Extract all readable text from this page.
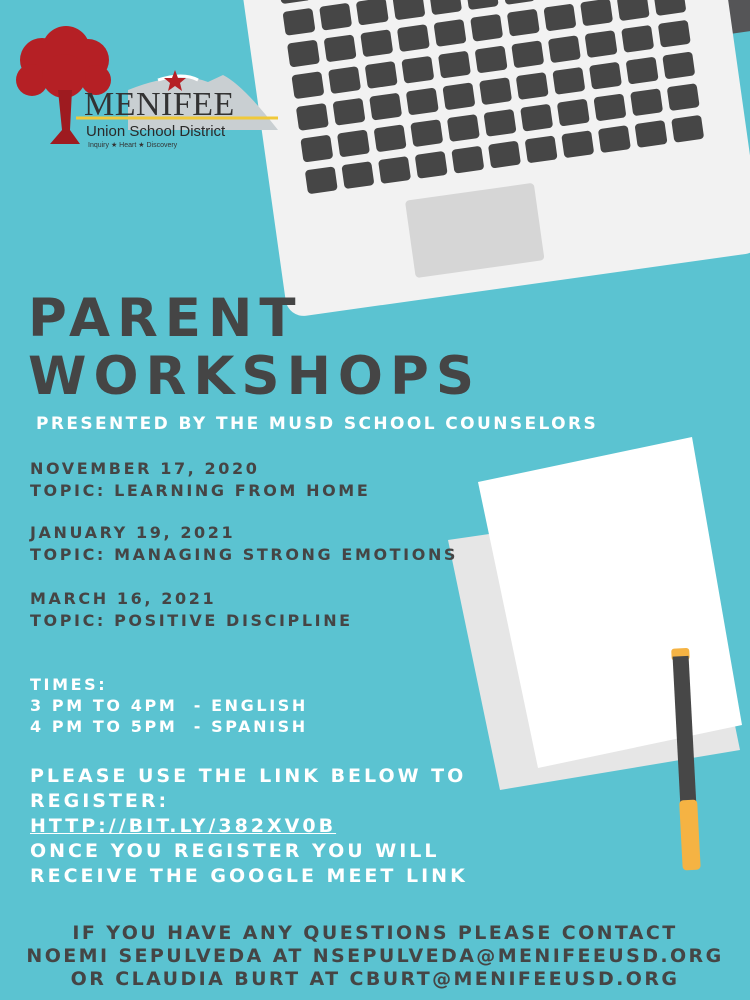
MENIFEE
Union School District
Inquiry ★ Heart ★ Discovery
PARENT
WORKSHOPS
PRESENTED BY THE MUSD SCHOOL COUNSELORS
NOVEMBER 17, 2020
TOPIC: LEARNING FROM HOME
JANUARY 19, 2021
TOPIC: MANAGING STRONG EMOTIONS
MARCH 16, 2021
TOPIC: POSITIVE DISCIPLINE
TIMES:
3 PM TO 4PM  - ENGLISH
4 PM TO 5PM  - SPANISH
PLEASE USE THE LINK BELOW TO
REGISTER:
HTTP://BIT.LY/382XV0B
ONCE YOU REGISTER YOU WILL
RECEIVE THE GOOGLE MEET LINK
IF YOU HAVE ANY QUESTIONS PLEASE CONTACT
NOEMI SEPULVEDA AT NSEPULVEDA@MENIFEEUSD.ORG
OR CLAUDIA BURT AT CBURT@MENIFEEUSD.ORG
